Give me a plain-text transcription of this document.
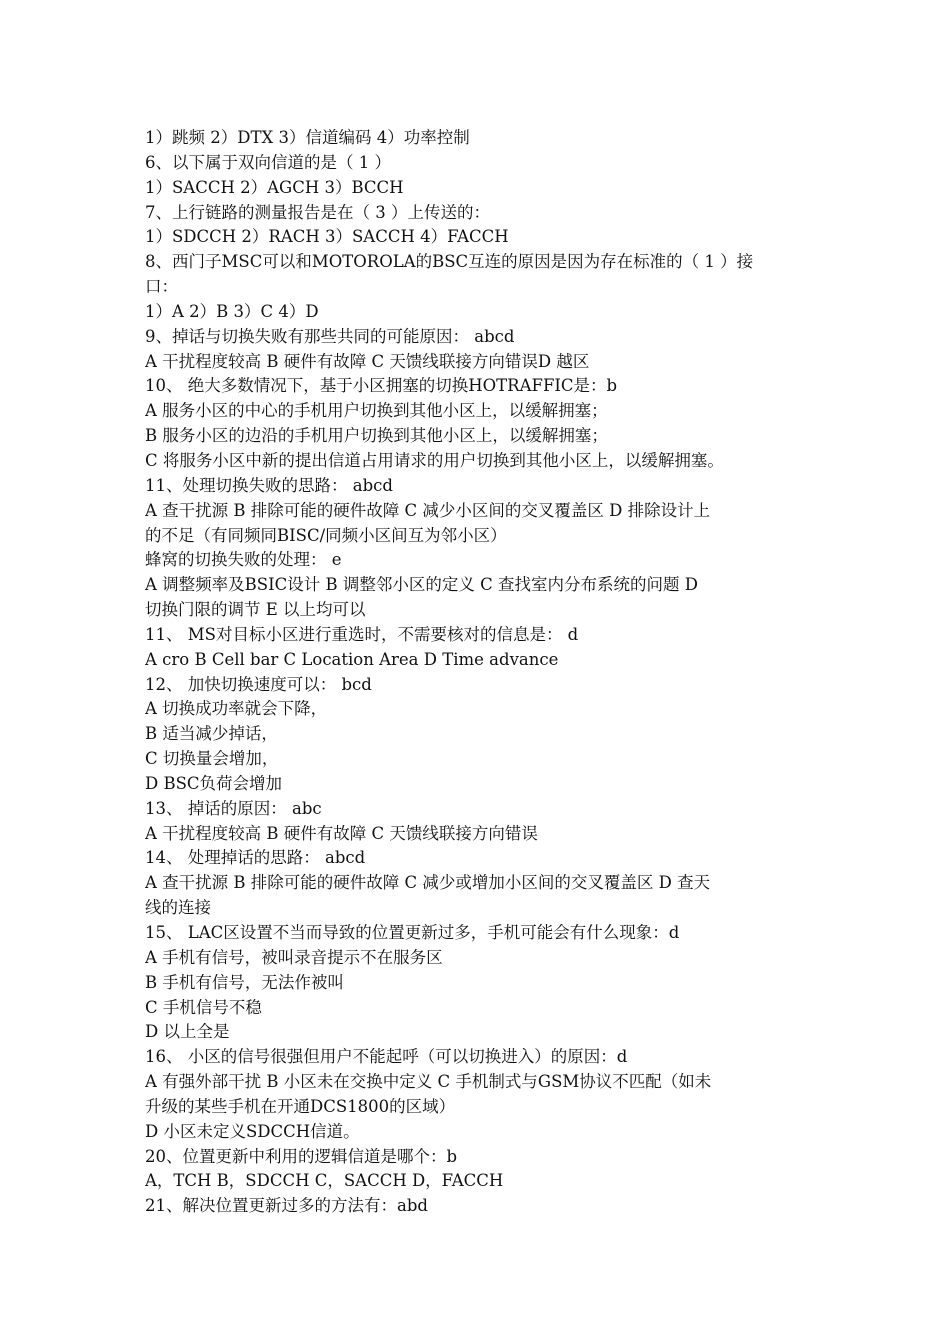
1）跳频 2）DTX 3）信道编码 4）功率控制
6、以下属于双向信道的是（ 1 ）
1）SACCH 2）AGCH 3）BCCH
7、上行链路的测量报告是在（ 3 ）上传送的：
1）SDCCH 2）RACH 3）SACCH 4）FACCH
8、西门子MSC可以和MOTOROLA的BSC互连的原因是因为存在标准的（ 1 ）接
口：
1）A 2）B 3）C 4）D
9、掉话与切换失败有那些共同的可能原因： abcd
A 干扰程度较高 B 硬件有故障 C 天馈线联接方向错误D 越区
10、 绝大多数情况下，基于小区拥塞的切换HOTRAFFIC是：b
A 服务小区的中心的手机用户切换到其他小区上，以缓解拥塞；
B 服务小区的边沿的手机用户切换到其他小区上，以缓解拥塞；
C 将服务小区中新的提出信道占用请求的用户切换到其他小区上，以缓解拥塞。
11、处理切换失败的思路： abcd
A 查干扰源 B 排除可能的硬件故障 C 减少小区间的交叉覆盖区 D 排除设计上
的不足（有同频同BISC/同频小区间互为邻小区）
蜂窝的切换失败的处理： e
A 调整频率及BSIC设计 B 调整邻小区的定义 C 查找室内分布系统的问题 D
切换门限的调节 E 以上均可以
11、 MS对目标小区进行重选时，不需要核对的信息是： d
A cro B Cell bar C Location Area D Time advance
12、 加快切换速度可以： bcd
A 切换成功率就会下降，
B 适当减少掉话，
C 切换量会增加，
D BSC负荷会增加
13、 掉话的原因： abc
A 干扰程度较高 B 硬件有故障 C 天馈线联接方向错误
14、 处理掉话的思路： abcd
A 查干扰源 B 排除可能的硬件故障 C 减少或增加小区间的交叉覆盖区 D 查天
线的连接
15、 LAC区设置不当而导致的位置更新过多，手机可能会有什么现象：d
A 手机有信号，被叫录音提示不在服务区
B 手机有信号，无法作被叫
C 手机信号不稳
D 以上全是
16、 小区的信号很强但用户不能起呼（可以切换进入）的原因：d
A 有强外部干扰 B 小区未在交换中定义 C 手机制式与GSM协议不匹配（如未
升级的某些手机在开通DCS1800的区域）
D 小区未定义SDCCH信道。
20、位置更新中利用的逻辑信道是哪个：b
A，TCH B，SDCCH C，SACCH D，FACCH
21、解决位置更新过多的方法有：abd
